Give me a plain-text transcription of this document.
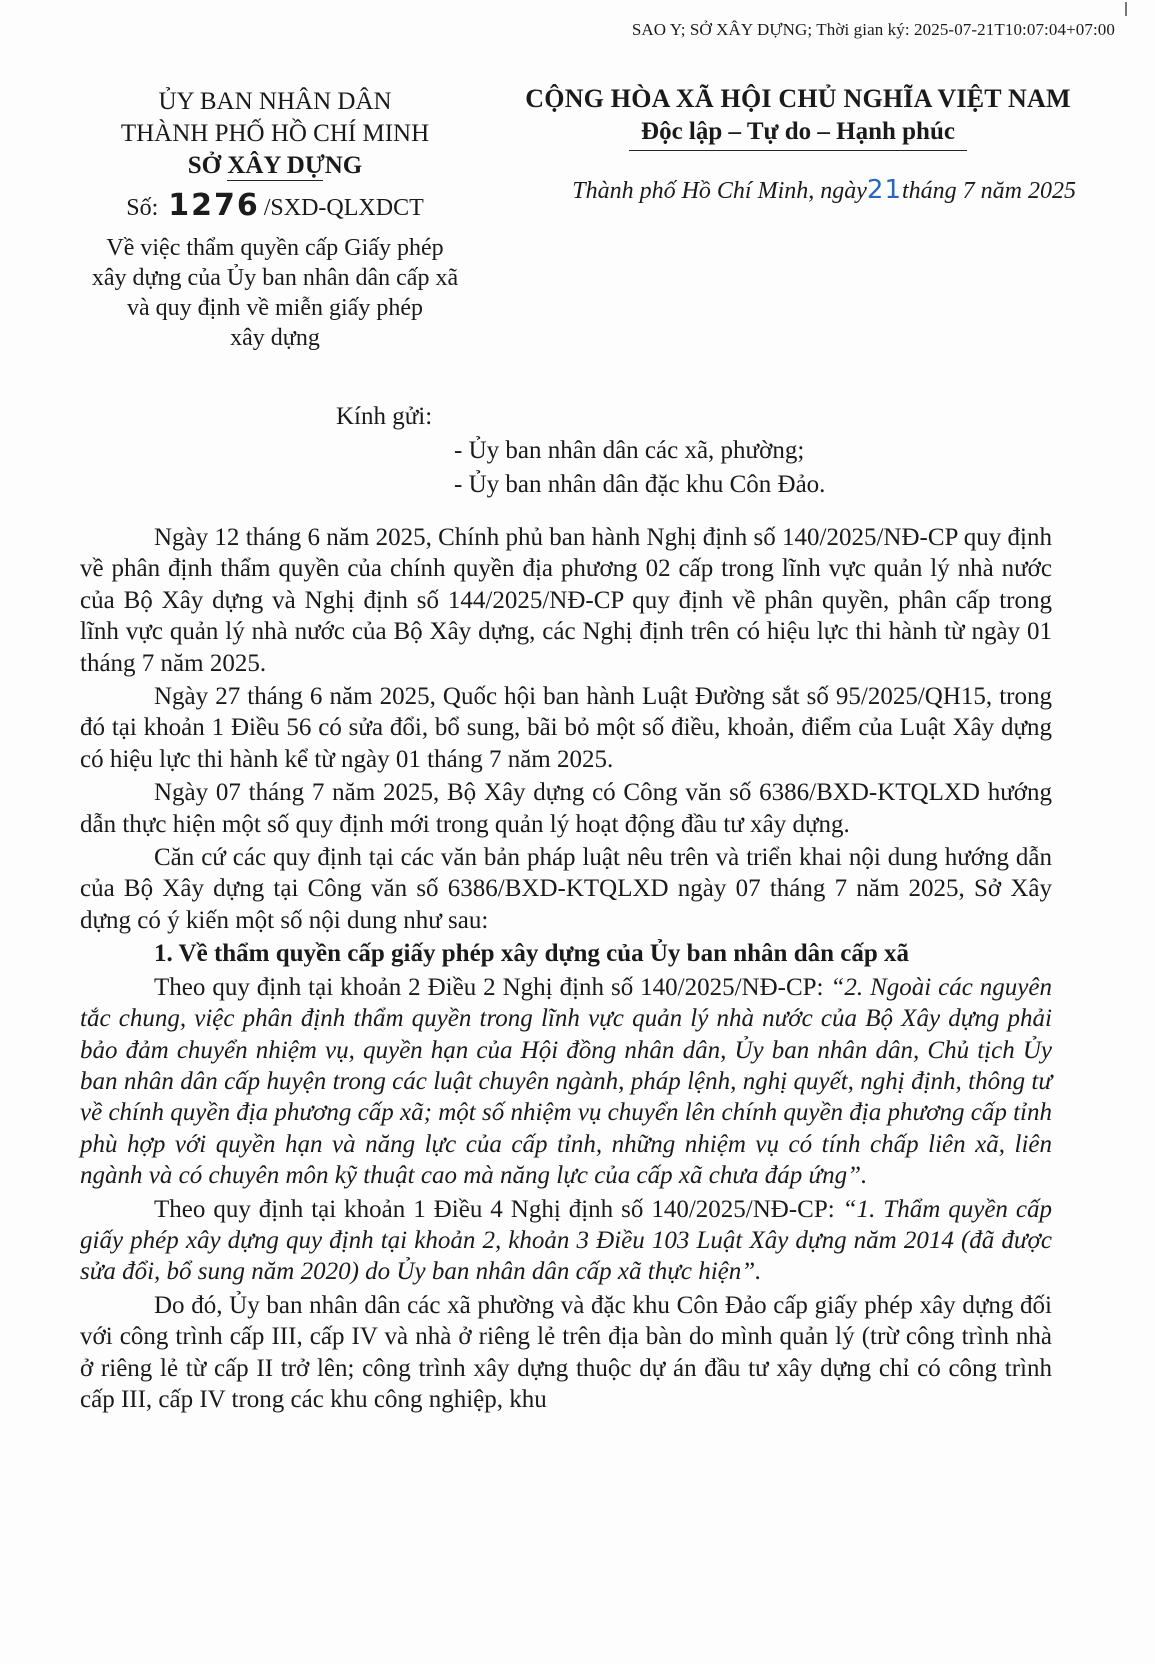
SAO Y; SỞ XÂY DỰNG; Thời gian ký: 2025-07-21T10:07:04+07:00
ỦY BAN NHÂN DÂN
THÀNH PHỐ HỒ CHÍ MINH
SỞ XÂY DỰNG
Số: 1276 /SXD-QLXDCT
Về việc thẩm quyền cấp Giấy phép
xây dựng của Ủy ban nhân dân cấp xã
và quy định về miễn giấy phép
xây dựng
CỘNG HÒA XÃ HỘI CHỦ NGHĨA VIỆT NAM
Độc lập – Tự do – Hạnh phúc
Thành phố Hồ Chí Minh, ngày21tháng 7 năm 2025
Kính gửi:
- Ủy ban nhân dân các xã, phường;
- Ủy ban nhân dân đặc khu Côn Đảo.

Ngày 12 tháng 6 năm 2025, Chính phủ ban hành Nghị định số 140/2025/NĐ-CP quy định về phân định thẩm quyền của chính quyền địa phương 02 cấp trong lĩnh vực quản lý nhà nước của Bộ Xây dựng và Nghị định số 144/2025/NĐ-CP quy định về phân quyền, phân cấp trong lĩnh vực quản lý nhà nước của Bộ Xây dựng, các Nghị định trên có hiệu lực thi hành từ ngày 01 tháng 7 năm 2025.

Ngày 27 tháng 6 năm 2025, Quốc hội ban hành Luật Đường sắt số 95/2025/QH15, trong đó tại khoản 1 Điều 56 có sửa đổi, bổ sung, bãi bỏ một số điều, khoản, điểm của Luật Xây dựng có hiệu lực thi hành kể từ ngày 01 tháng 7 năm 2025.

Ngày 07 tháng 7 năm 2025, Bộ Xây dựng có Công văn số 6386/BXD-KTQLXD hướng dẫn thực hiện một số quy định mới trong quản lý hoạt động đầu tư xây dựng.

Căn cứ các quy định tại các văn bản pháp luật nêu trên và triển khai nội dung hướng dẫn của Bộ Xây dựng tại Công văn số 6386/BXD-KTQLXD ngày 07 tháng 7 năm 2025, Sở Xây dựng có ý kiến một số nội dung như sau:

1. Về thẩm quyền cấp giấy phép xây dựng của Ủy ban nhân dân cấp xã

Theo quy định tại khoản 2 Điều 2 Nghị định số 140/2025/NĐ-CP: “2. Ngoài các nguyên tắc chung, việc phân định thẩm quyền trong lĩnh vực quản lý nhà nước của Bộ Xây dựng phải bảo đảm chuyển nhiệm vụ, quyền hạn của Hội đồng nhân dân, Ủy ban nhân dân, Chủ tịch Ủy ban nhân dân cấp huyện trong các luật chuyên ngành, pháp lệnh, nghị quyết, nghị định, thông tư về chính quyền địa phương cấp xã; một số nhiệm vụ chuyển lên chính quyền địa phương cấp tỉnh phù hợp với quyền hạn và năng lực của cấp tỉnh, những nhiệm vụ có tính chấp liên xã, liên ngành và có chuyên môn kỹ thuật cao mà năng lực của cấp xã chưa đáp ứng”.

Theo quy định tại khoản 1 Điều 4 Nghị định số 140/2025/NĐ-CP: “1. Thẩm quyền cấp giấy phép xây dựng quy định tại khoản 2, khoản 3 Điều 103 Luật Xây dựng năm 2014 (đã được sửa đổi, bổ sung năm 2020) do Ủy ban nhân dân cấp xã thực hiện”.

Do đó, Ủy ban nhân dân các xã phường và đặc khu Côn Đảo cấp giấy phép xây dựng đối với công trình cấp III, cấp IV và nhà ở riêng lẻ trên địa bàn do mình quản lý (trừ công trình nhà ở riêng lẻ từ cấp II trở lên; công trình xây dựng thuộc dự án đầu tư xây dựng chỉ có công trình cấp III, cấp IV trong các khu công nghiệp, khu
